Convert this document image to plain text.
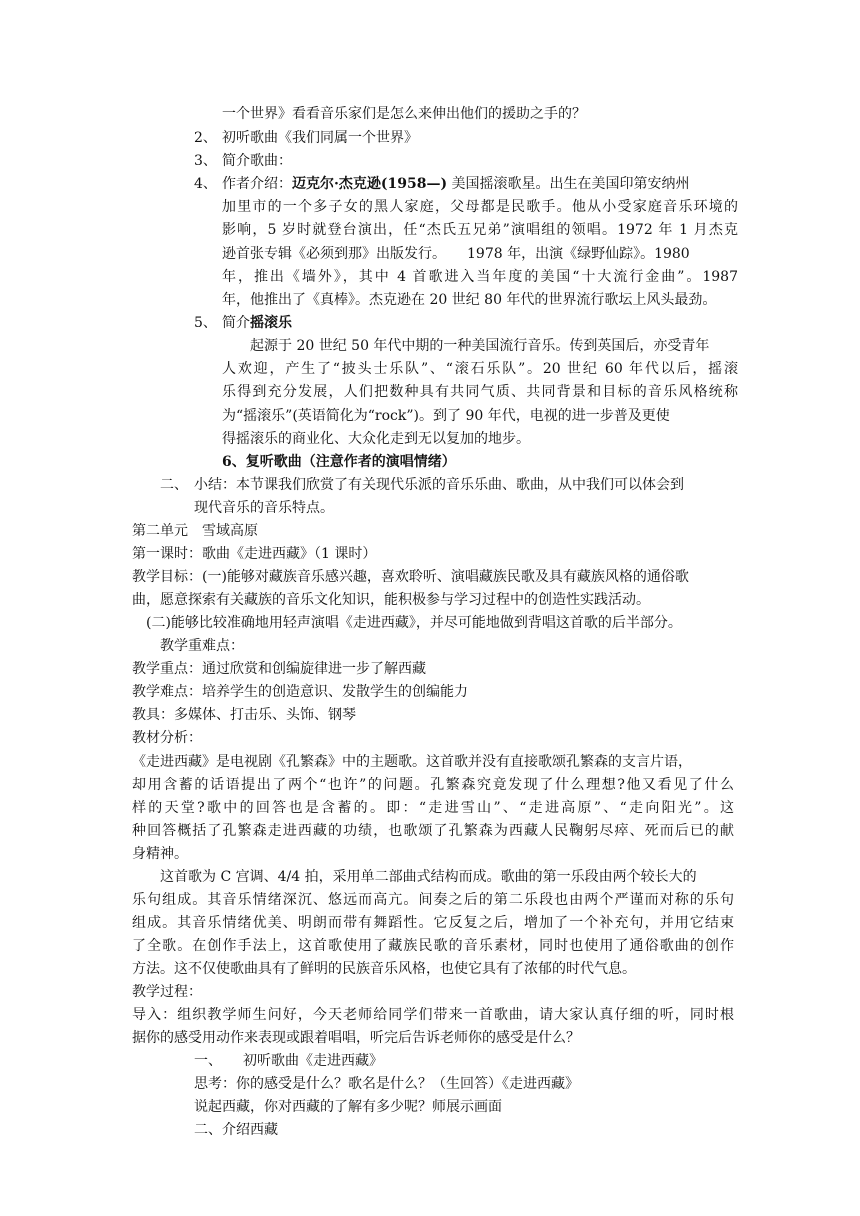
一个世界》看看音乐家们是怎么来伸出他们的援助之手的？
2、 初听歌曲《我们同属一个世界》
3、 简介歌曲：
4、 作者介绍：迈克尔·杰克逊(1958—) 美国摇滚歌星。出生在美国印第安纳州
加里市的一个多子女的黑人家庭，父母都是民歌手。他从小受家庭音乐环境的
影响，5 岁时就登台演出，任“杰氏五兄弟”演唱组的领唱。1972 年 1 月杰克
逊首张专辑《必须到那》出版发行。　　1978 年，出演《绿野仙踪》。1980
年，推出《墙外》，其中 4 首歌进入当年度的美国“十大流行金曲”。1987
年，他推出了《真棒》。杰克逊在 20 世纪 80 年代的世界流行歌坛上风头最劲。
5、 简介摇滚乐
起源于 20 世纪 50 年代中期的一种美国流行音乐。传到英国后，亦受青年
人欢迎，产生了“披头士乐队”、“滚石乐队”。20 世纪 60 年代以后，摇滚
乐得到充分发展，人们把数种具有共同气质、共同背景和目标的音乐风格统称
为“摇滚乐”(英语简化为“rock”)。到了 90 年代，电视的进一步普及更使
得摇滚乐的商业化、大众化走到无以复加的地步。
6、复听歌曲（注意作者的演唱情绪）
二、 小结：本节课我们欣赏了有关现代乐派的音乐乐曲、歌曲，从中我们可以体会到
现代音乐的音乐特点。
第二单元　雪域高原
第一课时：歌曲《走进西藏》（1 课时）
教学目标：(一)能够对藏族音乐感兴趣，喜欢聆听、演唱藏族民歌及具有藏族风格的通俗歌
曲，愿意探索有关藏族的音乐文化知识，能积极参与学习过程中的创造性实践活动。
(二)能够比较准确地用轻声演唱《走进西藏》，并尽可能地做到背唱这首歌的后半部分。
教学重难点：
教学重点：通过欣赏和创编旋律进一步了解西藏
教学难点：培养学生的创造意识、发散学生的创编能力
教具：多媒体、打击乐、头饰、钢琴
教材分析：
《走进西藏》是电视剧《孔繁森》中的主题歌。这首歌并没有直接歌颂孔繁森的支言片语，
却用含蓄的话语提出了两个“也许”的问题。孔繁森究竟发现了什么理想?他又看见了什么
样的天堂?歌中的回答也是含蓄的。即：“走进雪山”、“走进高原”、“走向阳光”。这
种回答概括了孔繁森走进西藏的功绩，也歌颂了孔繁森为西藏人民鞠躬尽瘁、死而后已的献
身精神。
这首歌为 C 宫调、4/4 拍，采用单二部曲式结构而成。歌曲的第一乐段由两个较长大的
乐句组成。其音乐情绪深沉、悠远而高亢。间奏之后的第二乐段也由两个严谨而对称的乐句
组成。其音乐情绪优美、明朗而带有舞蹈性。它反复之后，增加了一个补充句，并用它结束
了全歌。在创作手法上，这首歌使用了藏族民歌的音乐素材，同时也使用了通俗歌曲的创作
方法。这不仅使歌曲具有了鲜明的民族音乐风格，也使它具有了浓郁的时代气息。
教学过程：
导入：组织教学师生问好，今天老师给同学们带来一首歌曲，请大家认真仔细的听，同时根
据你的感受用动作来表现或跟着唱唱，听完后告诉老师你的感受是什么？
一、　　初听歌曲《走进西藏》
思考：你的感受是什么？歌名是什么？（生回答）《走进西藏》
说起西藏，你对西藏的了解有多少呢？师展示画面
二、介绍西藏
